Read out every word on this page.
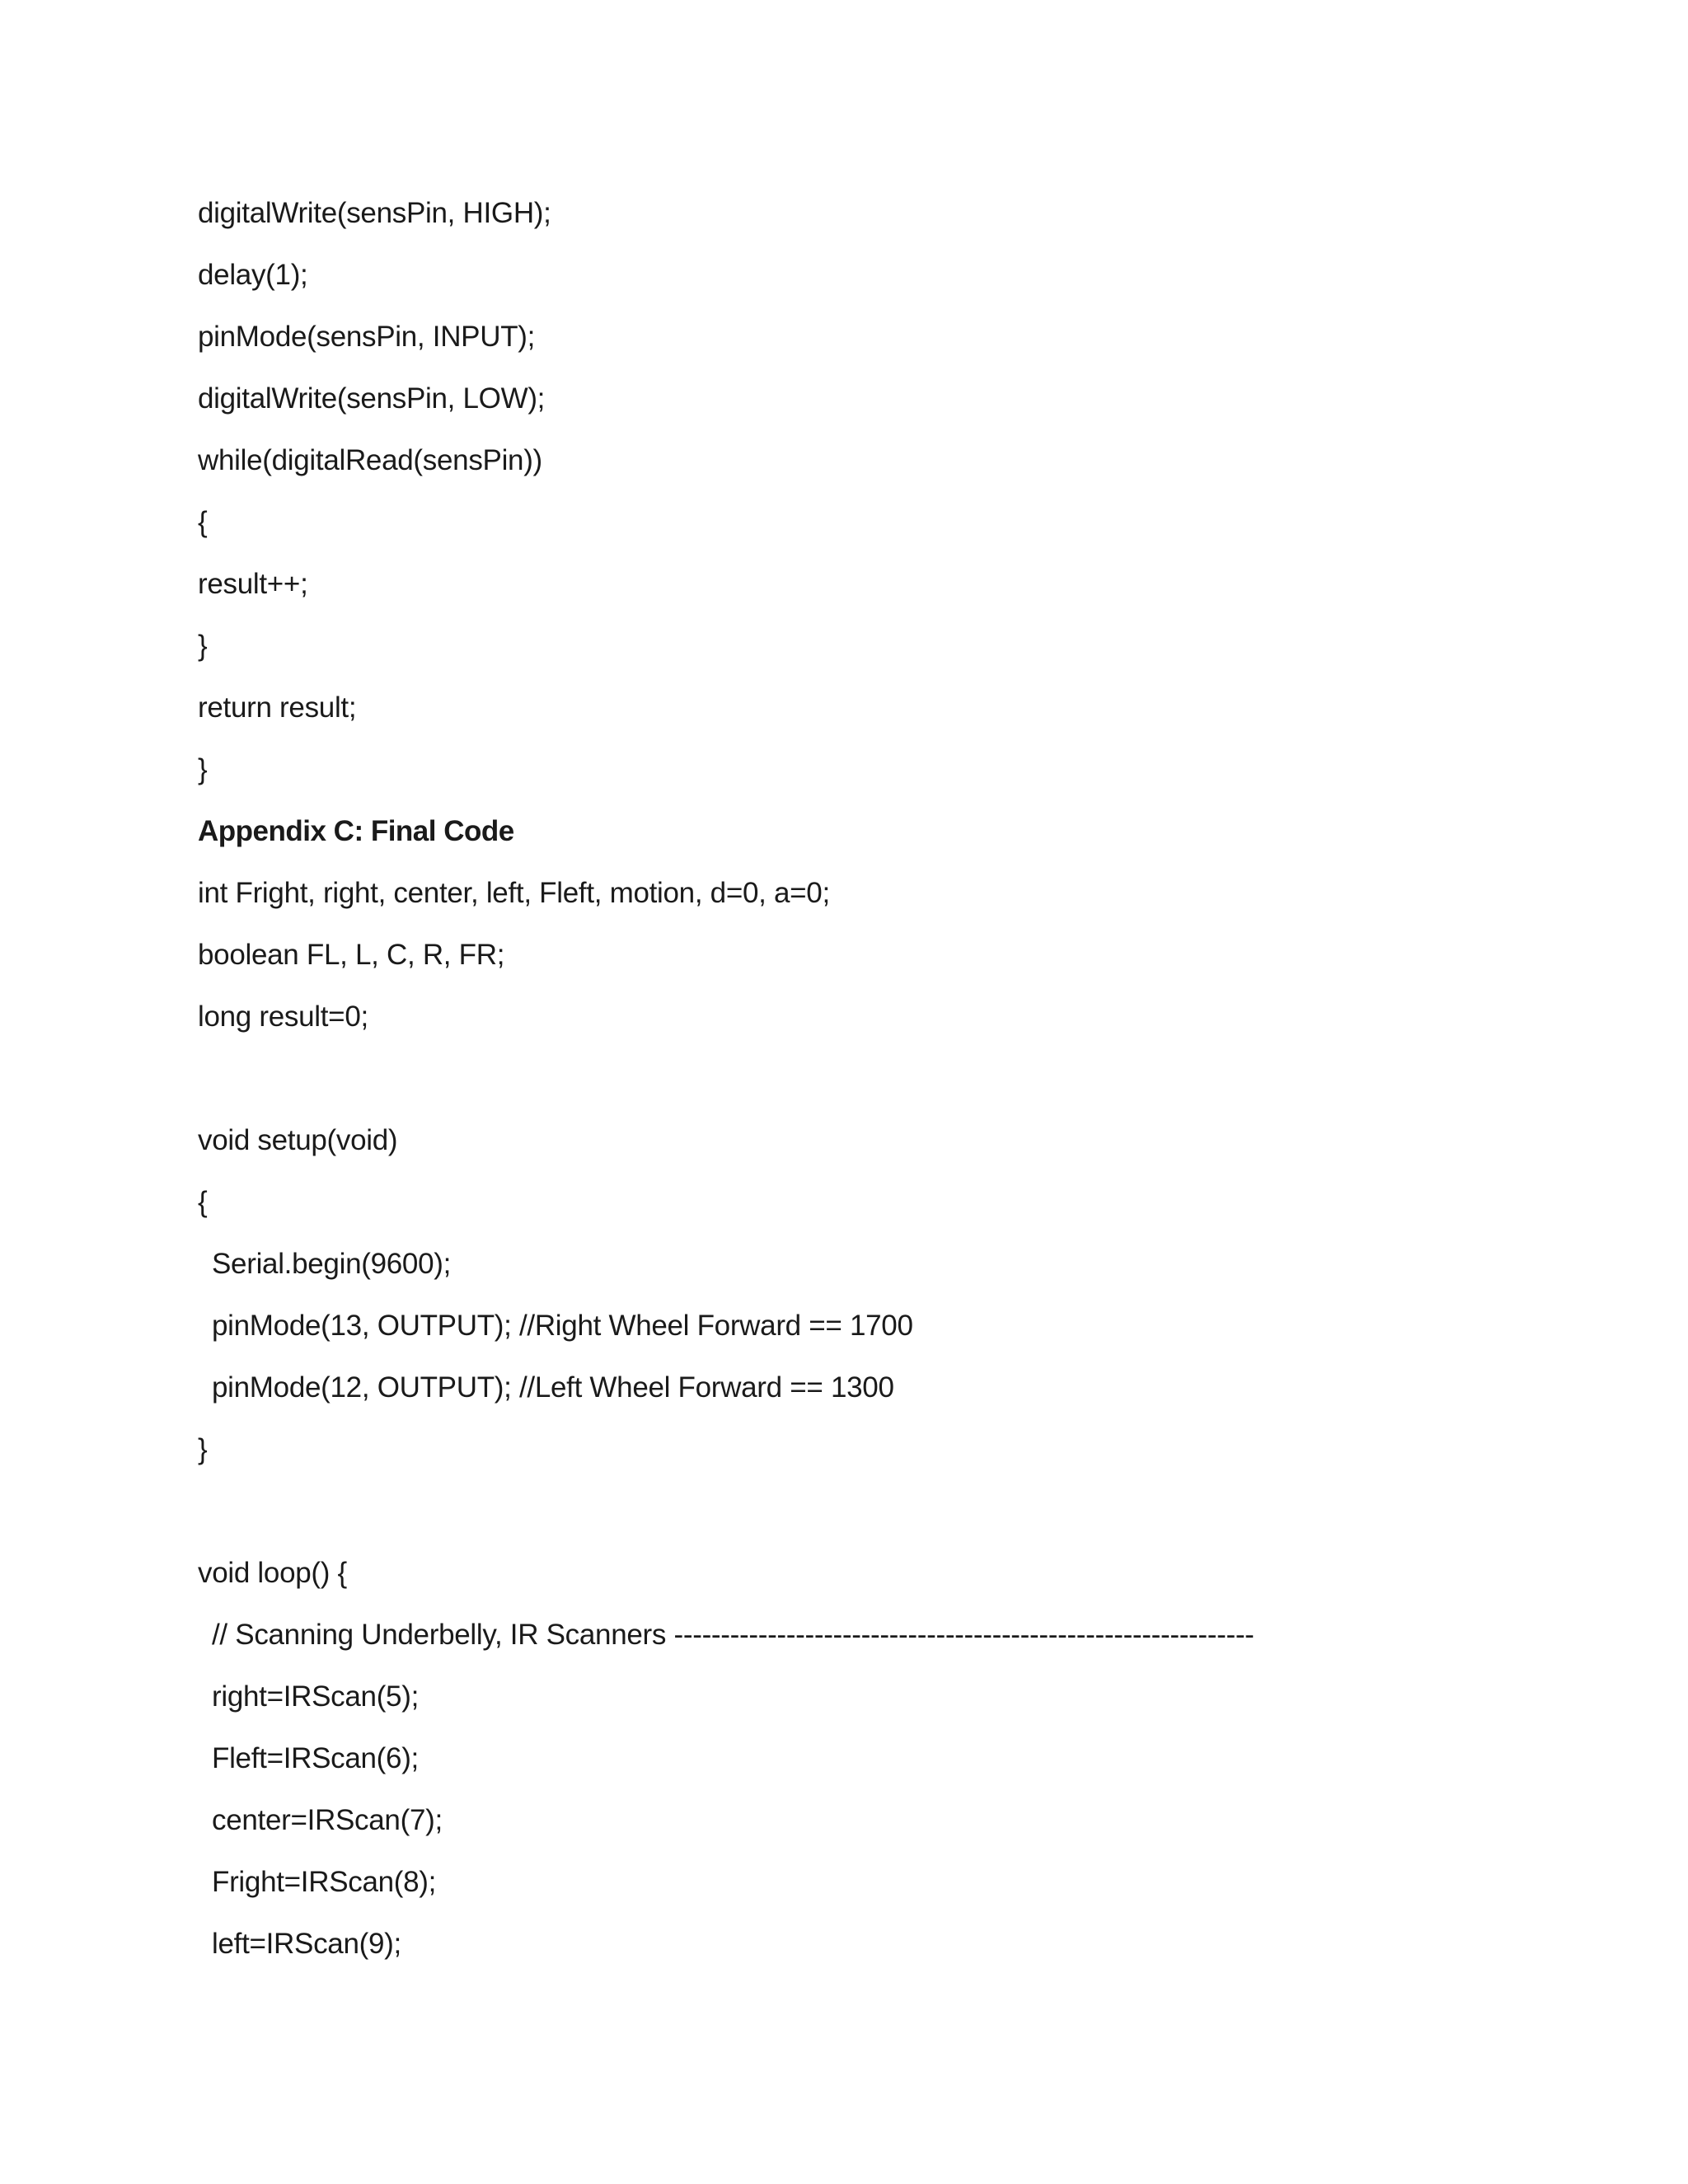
digitalWrite(sensPin, HIGH);
delay(1);
pinMode(sensPin, INPUT);
digitalWrite(sensPin, LOW);
while(digitalRead(sensPin))
{
result++;
}
return result;
}
Appendix C: Final Code
int Fright, right, center, left, Fleft, motion, d=0, a=0;
boolean FL, L, C, R, FR;
long result=0;
void setup(void)
{
Serial.begin(9600);
pinMode(13, OUTPUT); //Right Wheel Forward == 1700
pinMode(12, OUTPUT); //Left Wheel Forward == 1300
}
void loop() {
// Scanning Underbelly, IR Scanners --------------------------------------------------------------
right=IRScan(5);
Fleft=IRScan(6);
center=IRScan(7);
Fright=IRScan(8);
left=IRScan(9);
